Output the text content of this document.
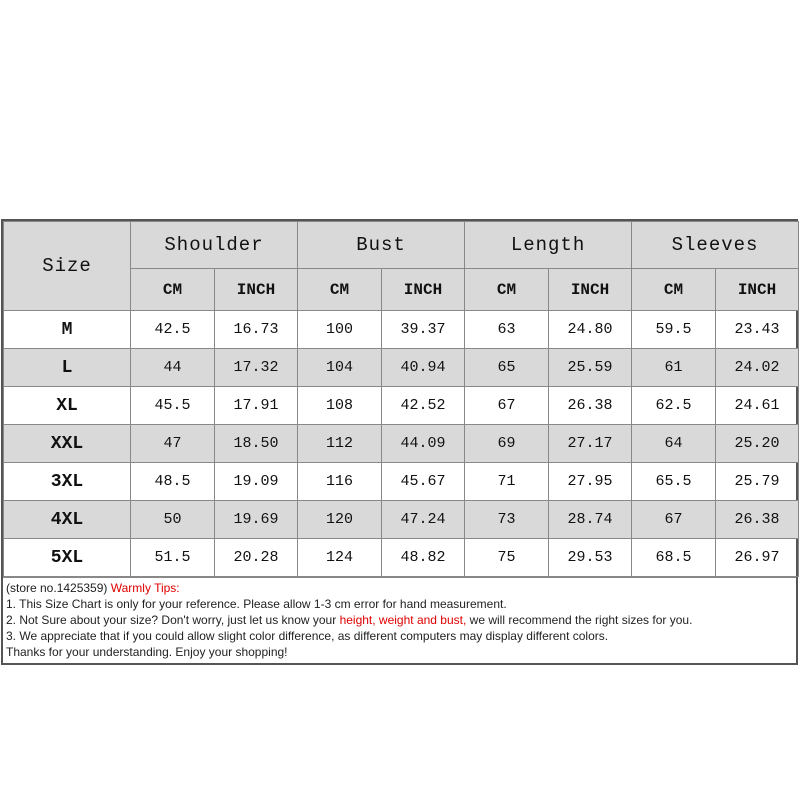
Size	Shoulder		Bust		Length		Sleeves	
	CM	INCH	CM	INCH	CM	INCH	CM	INCH
M	42.5	16.73	100	39.37	63	24.80	59.5	23.43
L	44	17.32	104	40.94	65	25.59	61	24.02
XL	45.5	17.91	108	42.52	67	26.38	62.5	24.61
XXL	47	18.50	112	44.09	69	27.17	64	25.20
3XL	48.5	19.09	116	45.67	71	27.95	65.5	25.79
4XL	50	19.69	120	47.24	73	28.74	67	26.38
5XL	51.5	20.28	124	48.82	75	29.53	68.5	26.97
(store no.1425359) Warmly Tips:
1. This Size Chart is only for your reference. Please allow 1-3 cm error for hand measurement.
2. Not Sure about your size? Don't worry, just let us know your height, weight and bust, we will recommend the right sizes for you.
3. We appreciate that if you could allow slight color difference, as different computers may display different colors.
Thanks for your understanding. Enjoy your shopping!
